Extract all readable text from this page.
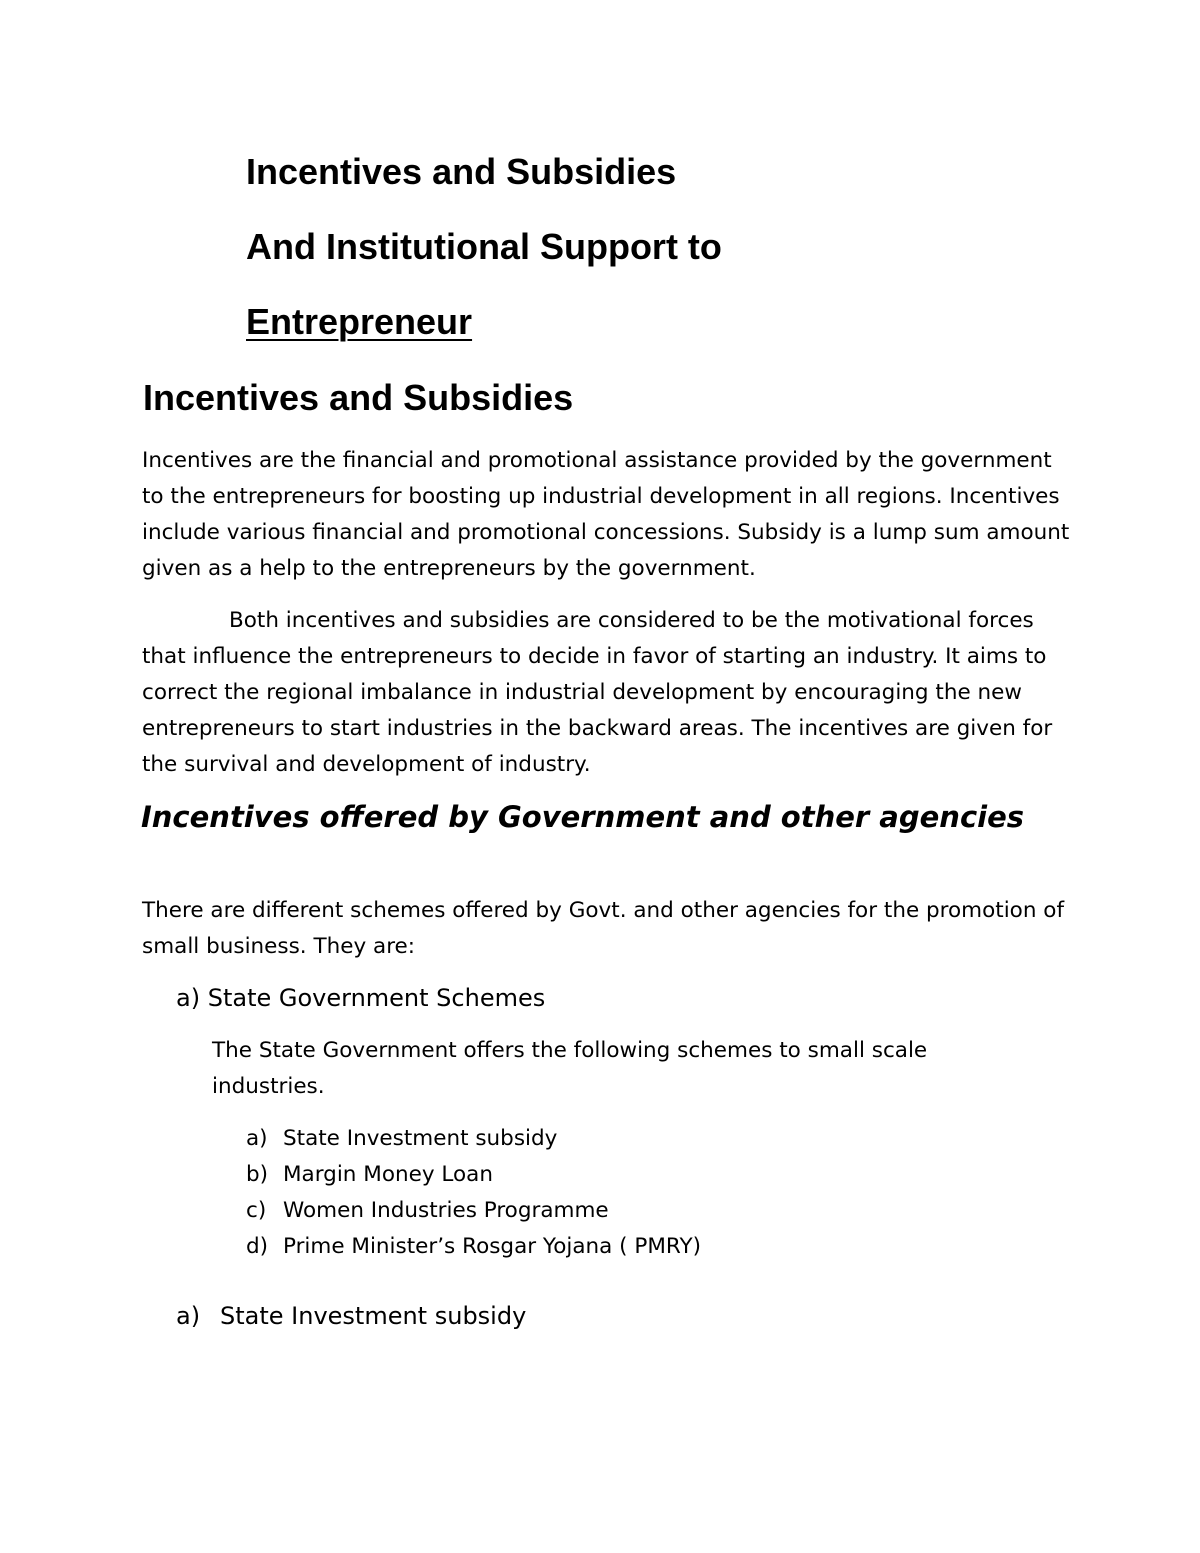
Incentives and Subsidies
And Institutional Support to
Entrepreneur
Incentives and Subsidies

Incentives are the financial and promotional assistance provided by the government to the entrepreneurs for boosting up industrial development in all regions. Incentives include various financial and promotional concessions. Subsidy is a lump sum amount given as a help to the entrepreneurs by the government.

Both incentives and subsidies are considered to be the motivational forces that influence the entrepreneurs to decide in favor of starting an industry. It aims to correct the regional imbalance in industrial development by encouraging the new entrepreneurs to start industries in the backward areas. The incentives are given for the survival and development of industry.

Incentives offered by Government and other agencies

There are different schemes offered by Govt. and other agencies for the promotion of small business. They are:

a) State Government Schemes

The State Government offers the following schemes to small scale industries.

a) State Investment subsidy
b) Margin Money Loan
c) Women Industries Programme
d) Prime Minister’s Rosgar Yojana ( PMRY)
a) State Investment subsidy
